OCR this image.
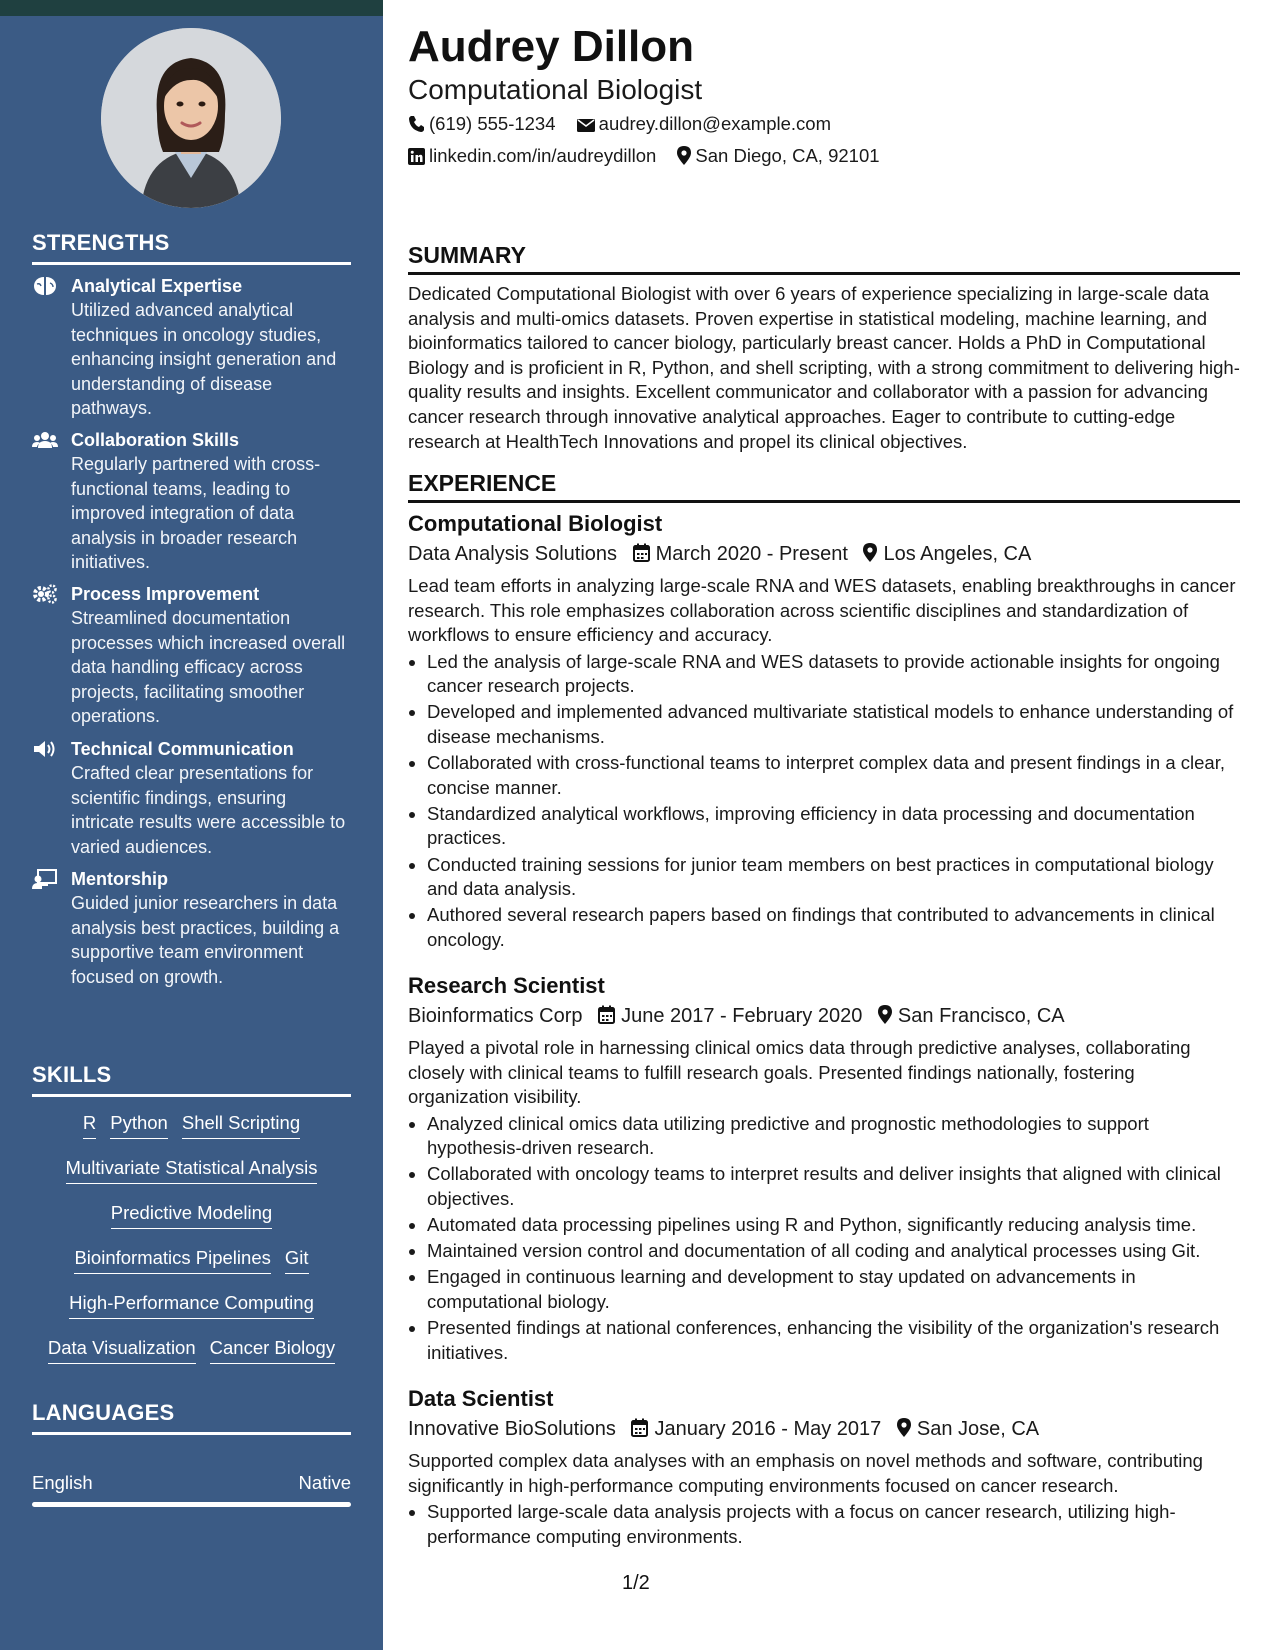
STRENGTHS
Analytical Expertise
Utilized advanced analytical techniques in oncology studies, enhancing insight generation and understanding of disease pathways.
Collaboration Skills
Regularly partnered with cross-functional teams, leading to improved integration of data analysis in broader research initiatives.
Process Improvement
Streamlined documentation processes which increased overall data handling efficacy across projects, facilitating smoother operations.
Technical Communication
Crafted clear presentations for scientific findings, ensuring intricate results were accessible to varied audiences.
Mentorship
Guided junior researchers in data analysis best practices, building a supportive team environment focused on growth.
SKILLS
R Python Shell Scripting
Multivariate Statistical Analysis
Predictive Modeling
Bioinformatics Pipelines Git
High-Performance Computing
Data Visualization Cancer Biology
LANGUAGES
English	Native
Audrey Dillon
Computational Biologist
(619) 555-1234 audrey.dillon@example.com
linkedin.com/in/audreydillon San Diego, CA, 92101
SUMMARY
Dedicated Computational Biologist with over 6 years of experience specializing in large-scale data analysis and multi-omics datasets. Proven expertise in statistical modeling, machine learning, and bioinformatics tailored to cancer biology, particularly breast cancer. Holds a PhD in Computational Biology and is proficient in R, Python, and shell scripting, with a strong commitment to delivering high-quality results and insights. Excellent communicator and collaborator with a passion for advancing cancer research through innovative analytical approaches. Eager to contribute to cutting-edge research at HealthTech Innovations and propel its clinical objectives.
EXPERIENCE
Computational Biologist
Data Analysis Solutions March 2020 - Present Los Angeles, CA
Lead team efforts in analyzing large-scale RNA and WES datasets, enabling breakthroughs in cancer research. This role emphasizes collaboration across scientific disciplines and standardization of workflows to ensure efficiency and accuracy.
• Led the analysis of large-scale RNA and WES datasets to provide actionable insights for ongoing cancer research projects.
• Developed and implemented advanced multivariate statistical models to enhance understanding of disease mechanisms.
• Collaborated with cross-functional teams to interpret complex data and present findings in a clear, concise manner.
• Standardized analytical workflows, improving efficiency in data processing and documentation practices.
• Conducted training sessions for junior team members on best practices in computational biology and data analysis.
• Authored several research papers based on findings that contributed to advancements in clinical oncology.
Research Scientist
Bioinformatics Corp June 2017 - February 2020 San Francisco, CA
Played a pivotal role in harnessing clinical omics data through predictive analyses, collaborating closely with clinical teams to fulfill research goals. Presented findings nationally, fostering organization visibility.
• Analyzed clinical omics data utilizing predictive and prognostic methodologies to support hypothesis-driven research.
• Collaborated with oncology teams to interpret results and deliver insights that aligned with clinical objectives.
• Automated data processing pipelines using R and Python, significantly reducing analysis time.
• Maintained version control and documentation of all coding and analytical processes using Git.
• Engaged in continuous learning and development to stay updated on advancements in computational biology.
• Presented findings at national conferences, enhancing the visibility of the organization's research initiatives.
Data Scientist
Innovative BioSolutions January 2016 - May 2017 San Jose, CA
Supported complex data analyses with an emphasis on novel methods and software, contributing significantly in high-performance computing environments focused on cancer research.
• Supported large-scale data analysis projects with a focus on cancer research, utilizing high-performance computing environments.
1/2
